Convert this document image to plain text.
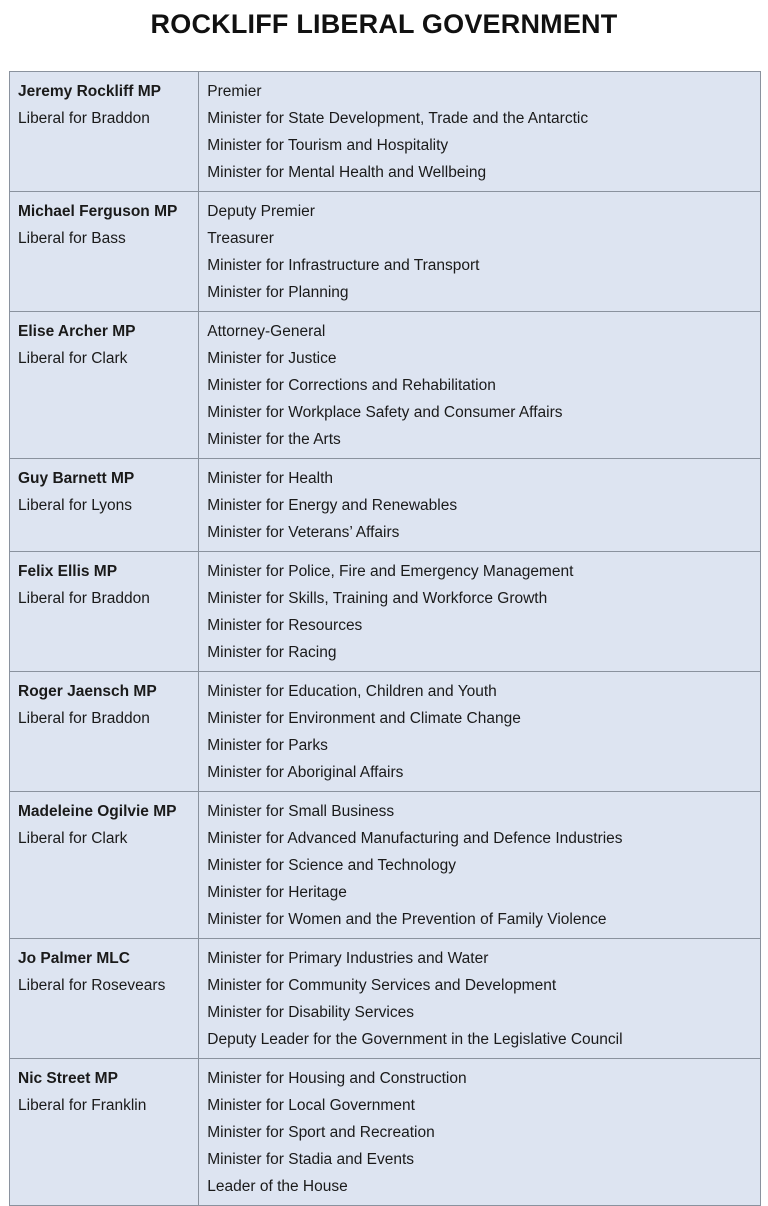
ROCKLIFF LIBERAL GOVERNMENT
Jeremy Rockliff MP
Liberal for Braddon	Premier
Minister for State Development, Trade and the Antarctic
Minister for Tourism and Hospitality
Minister for Mental Health and Wellbeing

Michael Ferguson MP
Liberal for Bass	Deputy Premier
Treasurer
Minister for Infrastructure and Transport
Minister for Planning

Elise Archer MP
Liberal for Clark	Attorney-General
Minister for Justice
Minister for Corrections and Rehabilitation
Minister for Workplace Safety and Consumer Affairs
Minister for the Arts

Guy Barnett MP
Liberal for Lyons	Minister for Health
Minister for Energy and Renewables
Minister for Veterans’ Affairs

Felix Ellis MP
Liberal for Braddon	Minister for Police, Fire and Emergency Management
Minister for Skills, Training and Workforce Growth
Minister for Resources
Minister for Racing

Roger Jaensch MP
Liberal for Braddon	Minister for Education, Children and Youth
Minister for Environment and Climate Change
Minister for Parks
Minister for Aboriginal Affairs

Madeleine Ogilvie MP
Liberal for Clark	Minister for Small Business
Minister for Advanced Manufacturing and Defence Industries
Minister for Science and Technology
Minister for Heritage
Minister for Women and the Prevention of Family Violence

Jo Palmer MLC
Liberal for Rosevears	Minister for Primary Industries and Water
Minister for Community Services and Development
Minister for Disability Services
Deputy Leader for the Government in the Legislative Council

Nic Street MP
Liberal for Franklin	Minister for Housing and Construction
Minister for Local Government
Minister for Sport and Recreation
Minister for Stadia and Events
Leader of the House
